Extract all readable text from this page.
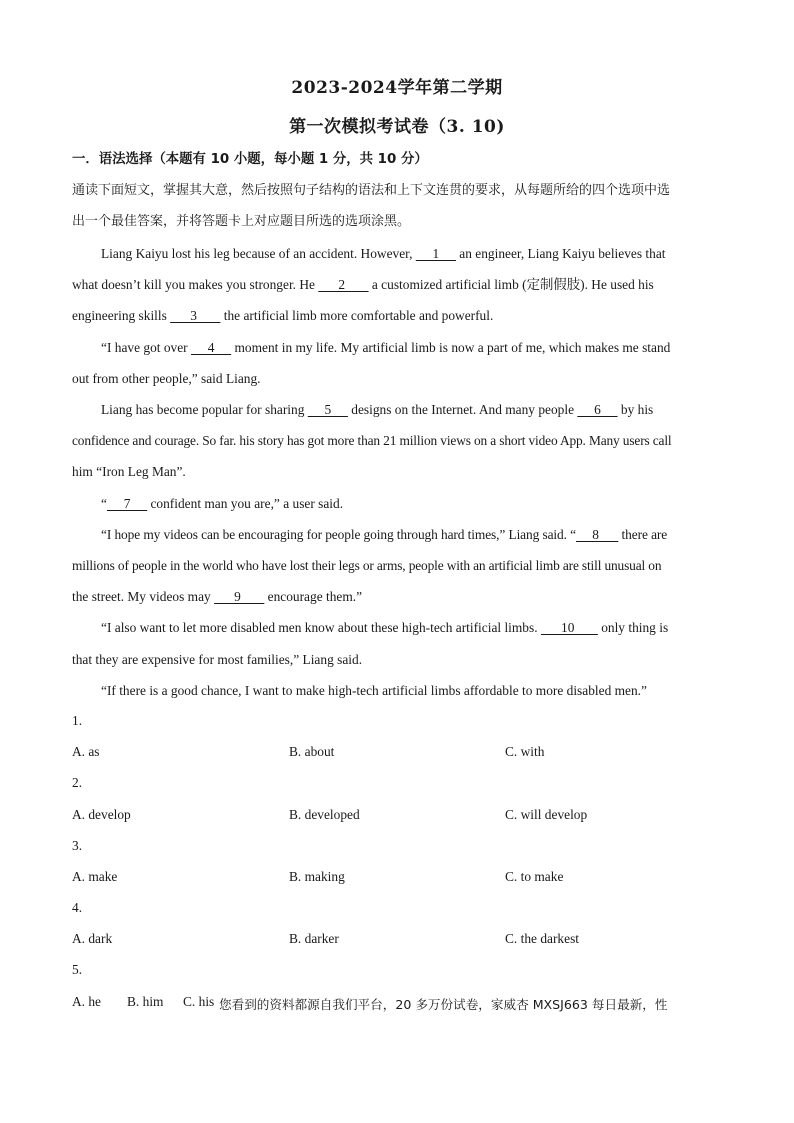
2023-2024学年第二学期
第一次模拟考试卷（3. 10)
一．语法选择（本题有 10 小题，每小题 1 分，共 10 分）
通读下面短文，掌握其大意，然后按照句子结构的语法和上下文连贯的要求，从每题所给的四个选项中选
出一个最佳答案，并将答题卡上对应题目所选的选项涂黑。
Liang Kaiyu lost his leg because of an accident. However,      1      an engineer, Liang Kaiyu believes that
what doesn’t kill you makes you stronger. He       2        a customized artificial limb (定制假肢). He used his
engineering skills       3        the artificial limb more comfortable and powerful.
“I have got over      4      moment in my life. My artificial limb is now a part of me, which makes me stand
out from other people,” said Liang.
Liang has become popular for sharing      5      designs on the Internet. And many people      6      by his
confidence and courage. So far. his story has got more than 21 million views on a short video App. Many users call
him “Iron Leg Man”.
“     7      confident man you are,” a user said.
“I hope my videos can be encouraging for people going through hard times,” Liang said. “     8       there are
millions of people in the world who have lost their legs or arms, people with an artificial limb are still unusual on
the street. My videos may       9        encourage them.”
“I also want to let more disabled men know about these high-tech artificial limbs.       10        only thing is
that they are expensive for most families,” Liang said.
“If there is a good chance, I want to make high-tech artificial limbs affordable to more disabled men.”
1.
A. as	B. about	C. with
2.
A. develop	B. developed	C. will develop
3.
A. make	B. making	C. to make
4.
A. dark	B. darker	C. the darkest
5.
A. he B. him C. his 您看到的资料都源自我们平台，20 多万份试卷，家威杏 MXSJ663 每日最新，性
